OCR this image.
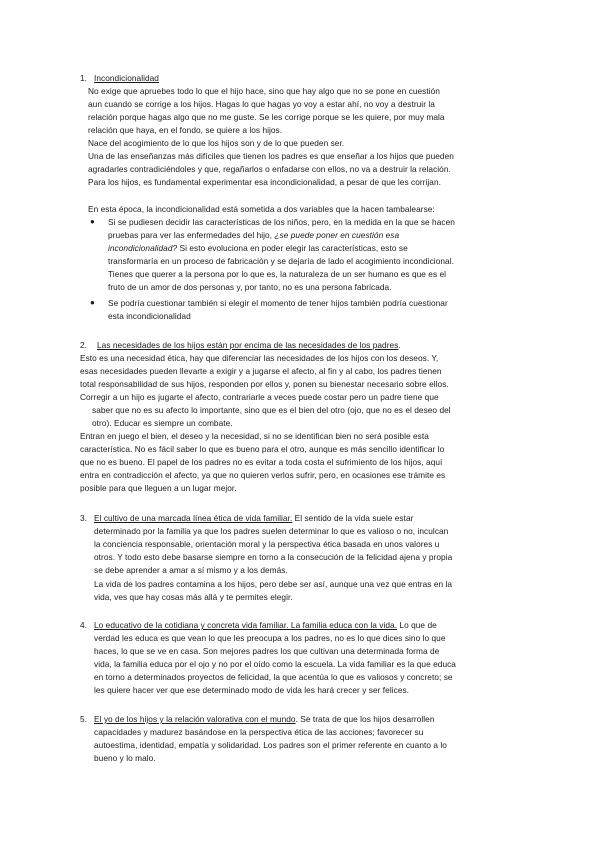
1. Incondicionalidad
No exige que apruebes todo lo que el hijo hace, sino que hay algo que no se pone en cuestión
aun cuando se corrige a los hijos. Hagas lo que hagas yo voy a estar ahí, no voy a destruir la
relación porque hagas algo que no me guste. Se les corrige porque se les quiere, por muy mala
relación que haya, en el fondo, se quiere a los hijos.
Nace del acogimiento de lo que los hijos son y de lo que pueden ser.
Una de las enseñanzas más difíciles que tienen los padres es que enseñar a los hijos que pueden
agradarles contradiciéndoles y que, regañarlos o enfadarse con ellos, no va a destruir la relación.
Para los hijos, es fundamental experimentar esa incondicionalidad, a pesar de que les corrijan.
En esta época, la incondicionalidad está sometida a dos variables que la hacen tambalearse:
● Si se pudiesen decidir las características de los niños, pero, en la medida en la que se hacen
pruebas para ver las enfermedades del hijo, ¿se puede poner en cuestión esa
incondicionalidad? Si esto evoluciona en poder elegir las características, esto se
transformaría en un proceso de fabricación y se dejaría de lado el acogimiento incondicional.
Tienes que querer a la persona por lo que es, la naturaleza de un ser humano es que es el
fruto de un amor de dos personas y, por tanto, no es una persona fabricada.
● Se podría cuestionar también si elegir el momento de tener hijos también podría cuestionar
esta incondicionalidad
2. Las necesidades de los hijos están por encima de las necesidades de los padres.
Esto es una necesidad ética, hay que diferenciar las necesidades de los hijos con los deseos. Y,
esas necesidades pueden llevarte a exigir y a jugarse el afecto, al fin y al cabo, los padres tienen
total responsabilidad de sus hijos, responden por ellos y, ponen su bienestar necesario sobre ellos.
Corregir a un hijo es jugarte el afecto, contrariarle a veces puede costar pero un padre tiene que
saber que no es su afecto lo importante, sino que es el bien del otro (ojo, que no es el deseo del
otro). Educar es siempre un combate.
Entran en juego el bien, el deseo y la necesidad, si no se identifican bien no será posible esta
característica. No es fácil saber lo que es bueno para el otro, aunque es más sencillo identificar lo
que no es bueno. El papel de los padres no es evitar a toda costa el sufrimiento de los hijos, aquí
entra en contradicción el afecto, ya que no quieren verlos sufrir, pero, en ocasiones ese trámite es
posible para que lleguen a un lugar mejor.
3. El cultivo de una marcada línea ética de vida familiar. El sentido de la vida suele estar
determinado por la familia ya que los padres suelen determinar lo que es valioso o no, inculcan
la conciencia responsable, orientación moral y la perspectiva ética basada en unos valores u
otros. Y todo esto debe basarse siempre en torno a la consecución de la felicidad ajena y propia
se debe aprender a amar a sí mismo y a los demás.
La vida de los padres contamina a los hijos, pero debe ser así, aunque una vez que entras en la
vida, ves que hay cosas más allá y te permites elegir.
4. Lo educativo de la cotidiana y concreta vida familiar. La familia educa con la vida. Lo que de
verdad les educa es que vean lo que les preocupa a los padres, no es lo que dices sino lo que
haces, lo que se ve en casa. Son mejores padres los que cultivan una determinada forma de
vida, la familia educa por el ojo y no por el oído como la escuela. La vida familiar es la que educa
en torno a determinados proyectos de felicidad, la que acentúa lo que es valiosos y concreto; se
les quiere hacer ver que ese determinado modo de vida les hará crecer y ser felices.
5. El yo de los hijos y la relación valorativa con el mundo. Se trata de que los hijos desarrollen
capacidades y madurez basándose en la perspectiva ética de las acciones; favorecer su
autoestima, identidad, empatía y solidaridad. Los padres son el primer referente en cuanto a lo
bueno y lo malo.
